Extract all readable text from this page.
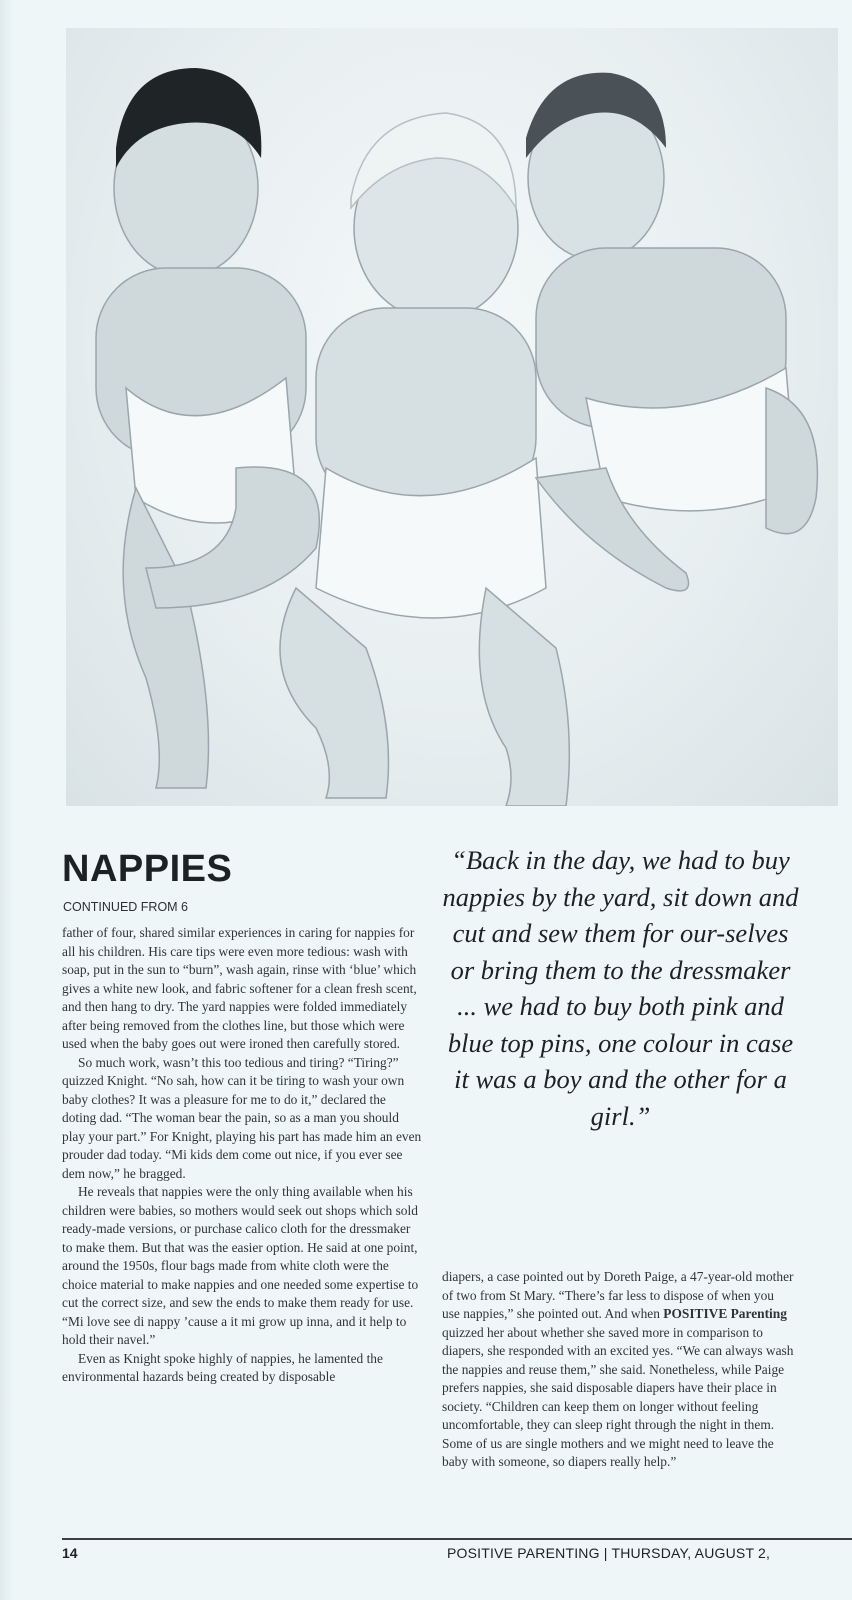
NAPPIES

CONTINUED FROM 6

father of four, shared similar experiences in caring for nappies for all his children. His care tips were even more tedious: wash with soap, put in the sun to “burn”, wash again, rinse with ‘blue’ which gives a white new look, and fabric softener for a clean fresh scent, and then hang to dry. The yard nappies were folded immediately after being removed from the clothes line, but those which were used when the baby goes out were ironed then carefully stored.

So much work, wasn’t this too tedious and tiring? “Tiring?” quizzed Knight. “No sah, how can it be tiring to wash your own baby clothes? It was a pleasure for me to do it,” declared the doting dad. “The woman bear the pain, so as a man you should play your part.” For Knight, playing his part has made him an even prouder dad today. “Mi kids dem come out nice, if you ever see dem now,” he bragged.

He reveals that nappies were the only thing available when his children were babies, so mothers would seek out shops which sold ready-made versions, or purchase calico cloth for the dressmaker to make them. But that was the easier option. He said at one point, around the 1950s, flour bags made from white cloth were the choice material to make nappies and one needed some expertise to cut the correct size, and sew the ends to make them ready for use. “Mi love see di nappy ’cause a it mi grow up inna, and it help to hold their navel.”

Even as Knight spoke highly of nappies, he lamented the environmental hazards being created by disposable

“Back in the day, we had to buy nappies by the yard, sit down and cut and sew them for our-selves or bring them to the dressmaker ... we had to buy both pink and blue top pins, one colour in case it was a boy and the other for a girl.”

diapers, a case pointed out by Doreth Paige, a 47-year-old mother of two from St Mary. “There’s far less to dispose of when you use nappies,” she pointed out. And when POSITIVE Parenting quizzed her about whether she saved more in comparison to diapers, she responded with an excited yes. “We can always wash the nappies and reuse them,” she said. Nonetheless, while Paige prefers nappies, she said disposable diapers have their place in society. “Children can keep them on longer without feeling uncomfortable, they can sleep right through the night in them. Some of us are single mothers and we might need to leave the baby with someone, so diapers really help.”

14	POSITIVE PARENTING | THURSDAY, AUGUST 2,
